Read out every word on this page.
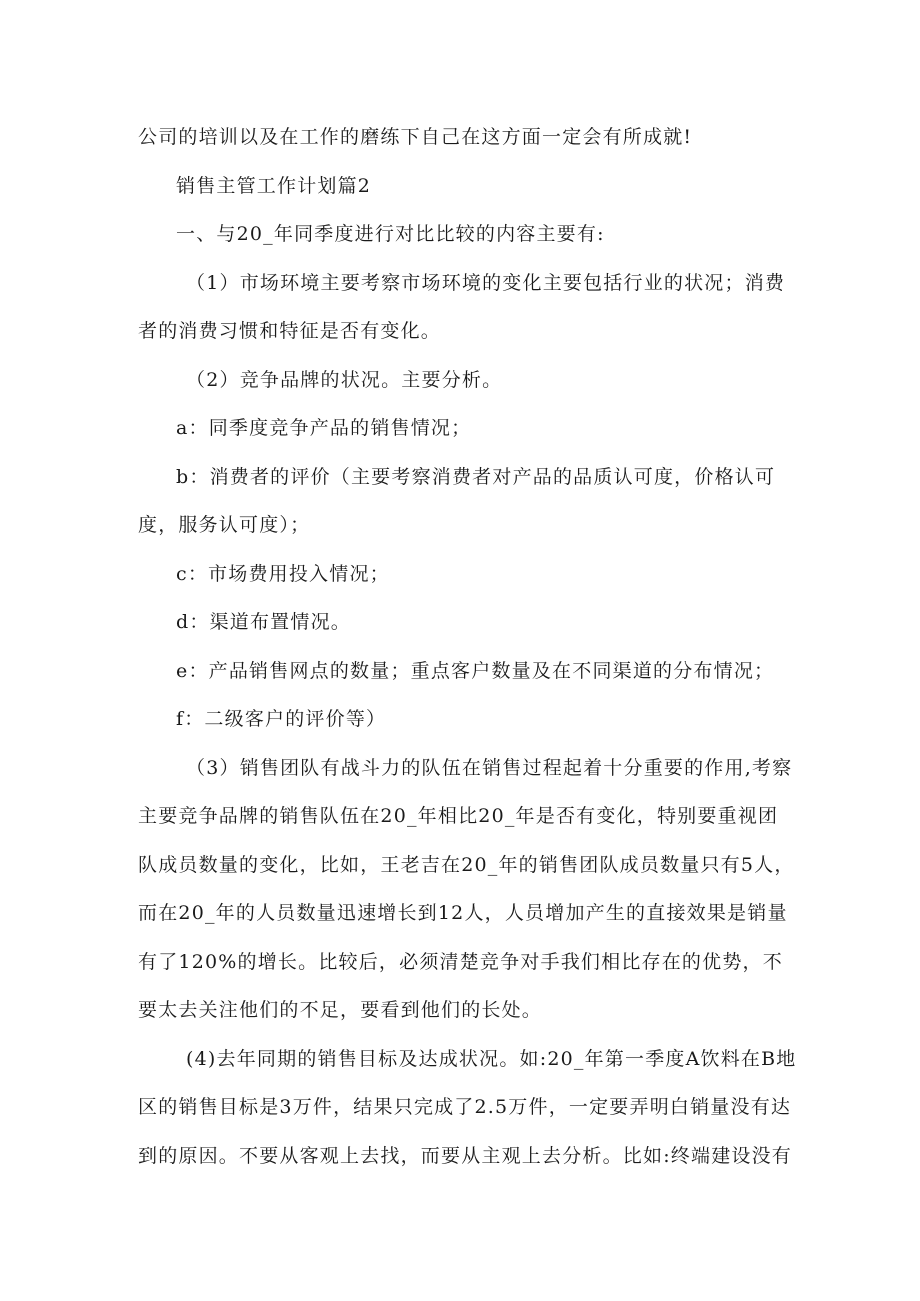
公司的培训以及在工作的磨练下自己在这方面一定会有所成就!

销售主管工作计划篇2

一、与20_年同季度进行对比比较的内容主要有:

（1）市场环境主要考察市场环境的变化主要包括行业的状况；消费者的消费习惯和特征是否有变化。

（2）竞争品牌的状况。主要分析。

a：同季度竞争产品的销售情况；

b：消费者的评价（主要考察消费者对产品的品质认可度，价格认可度，服务认可度）；

c：市场费用投入情况；

d：渠道布置情况。

e：产品销售网点的数量；重点客户数量及在不同渠道的分布情况；

f：二级客户的评价等）

（3）销售团队有战斗力的队伍在销售过程起着十分重要的作用,考察主要竞争品牌的销售队伍在20_年相比20_年是否有变化，特别要重视团队成员数量的变化，比如，王老吉在20_年的销售团队成员数量只有5人，而在20_年的人员数量迅速增长到12人，人员增加产生的直接效果是销量有了120%的增长。比较后，必须清楚竞争对手我们相比存在的优势，不要太去关注他们的不足，要看到他们的长处。

(4)去年同期的销售目标及达成状况。如:20_年第一季度A饮料在B地区的销售目标是3万件，结果只完成了2.5万件，一定要弄明白销量没有达到的原因。不要从客观上去找，而要从主观上去分析。比如:终端建设没有
